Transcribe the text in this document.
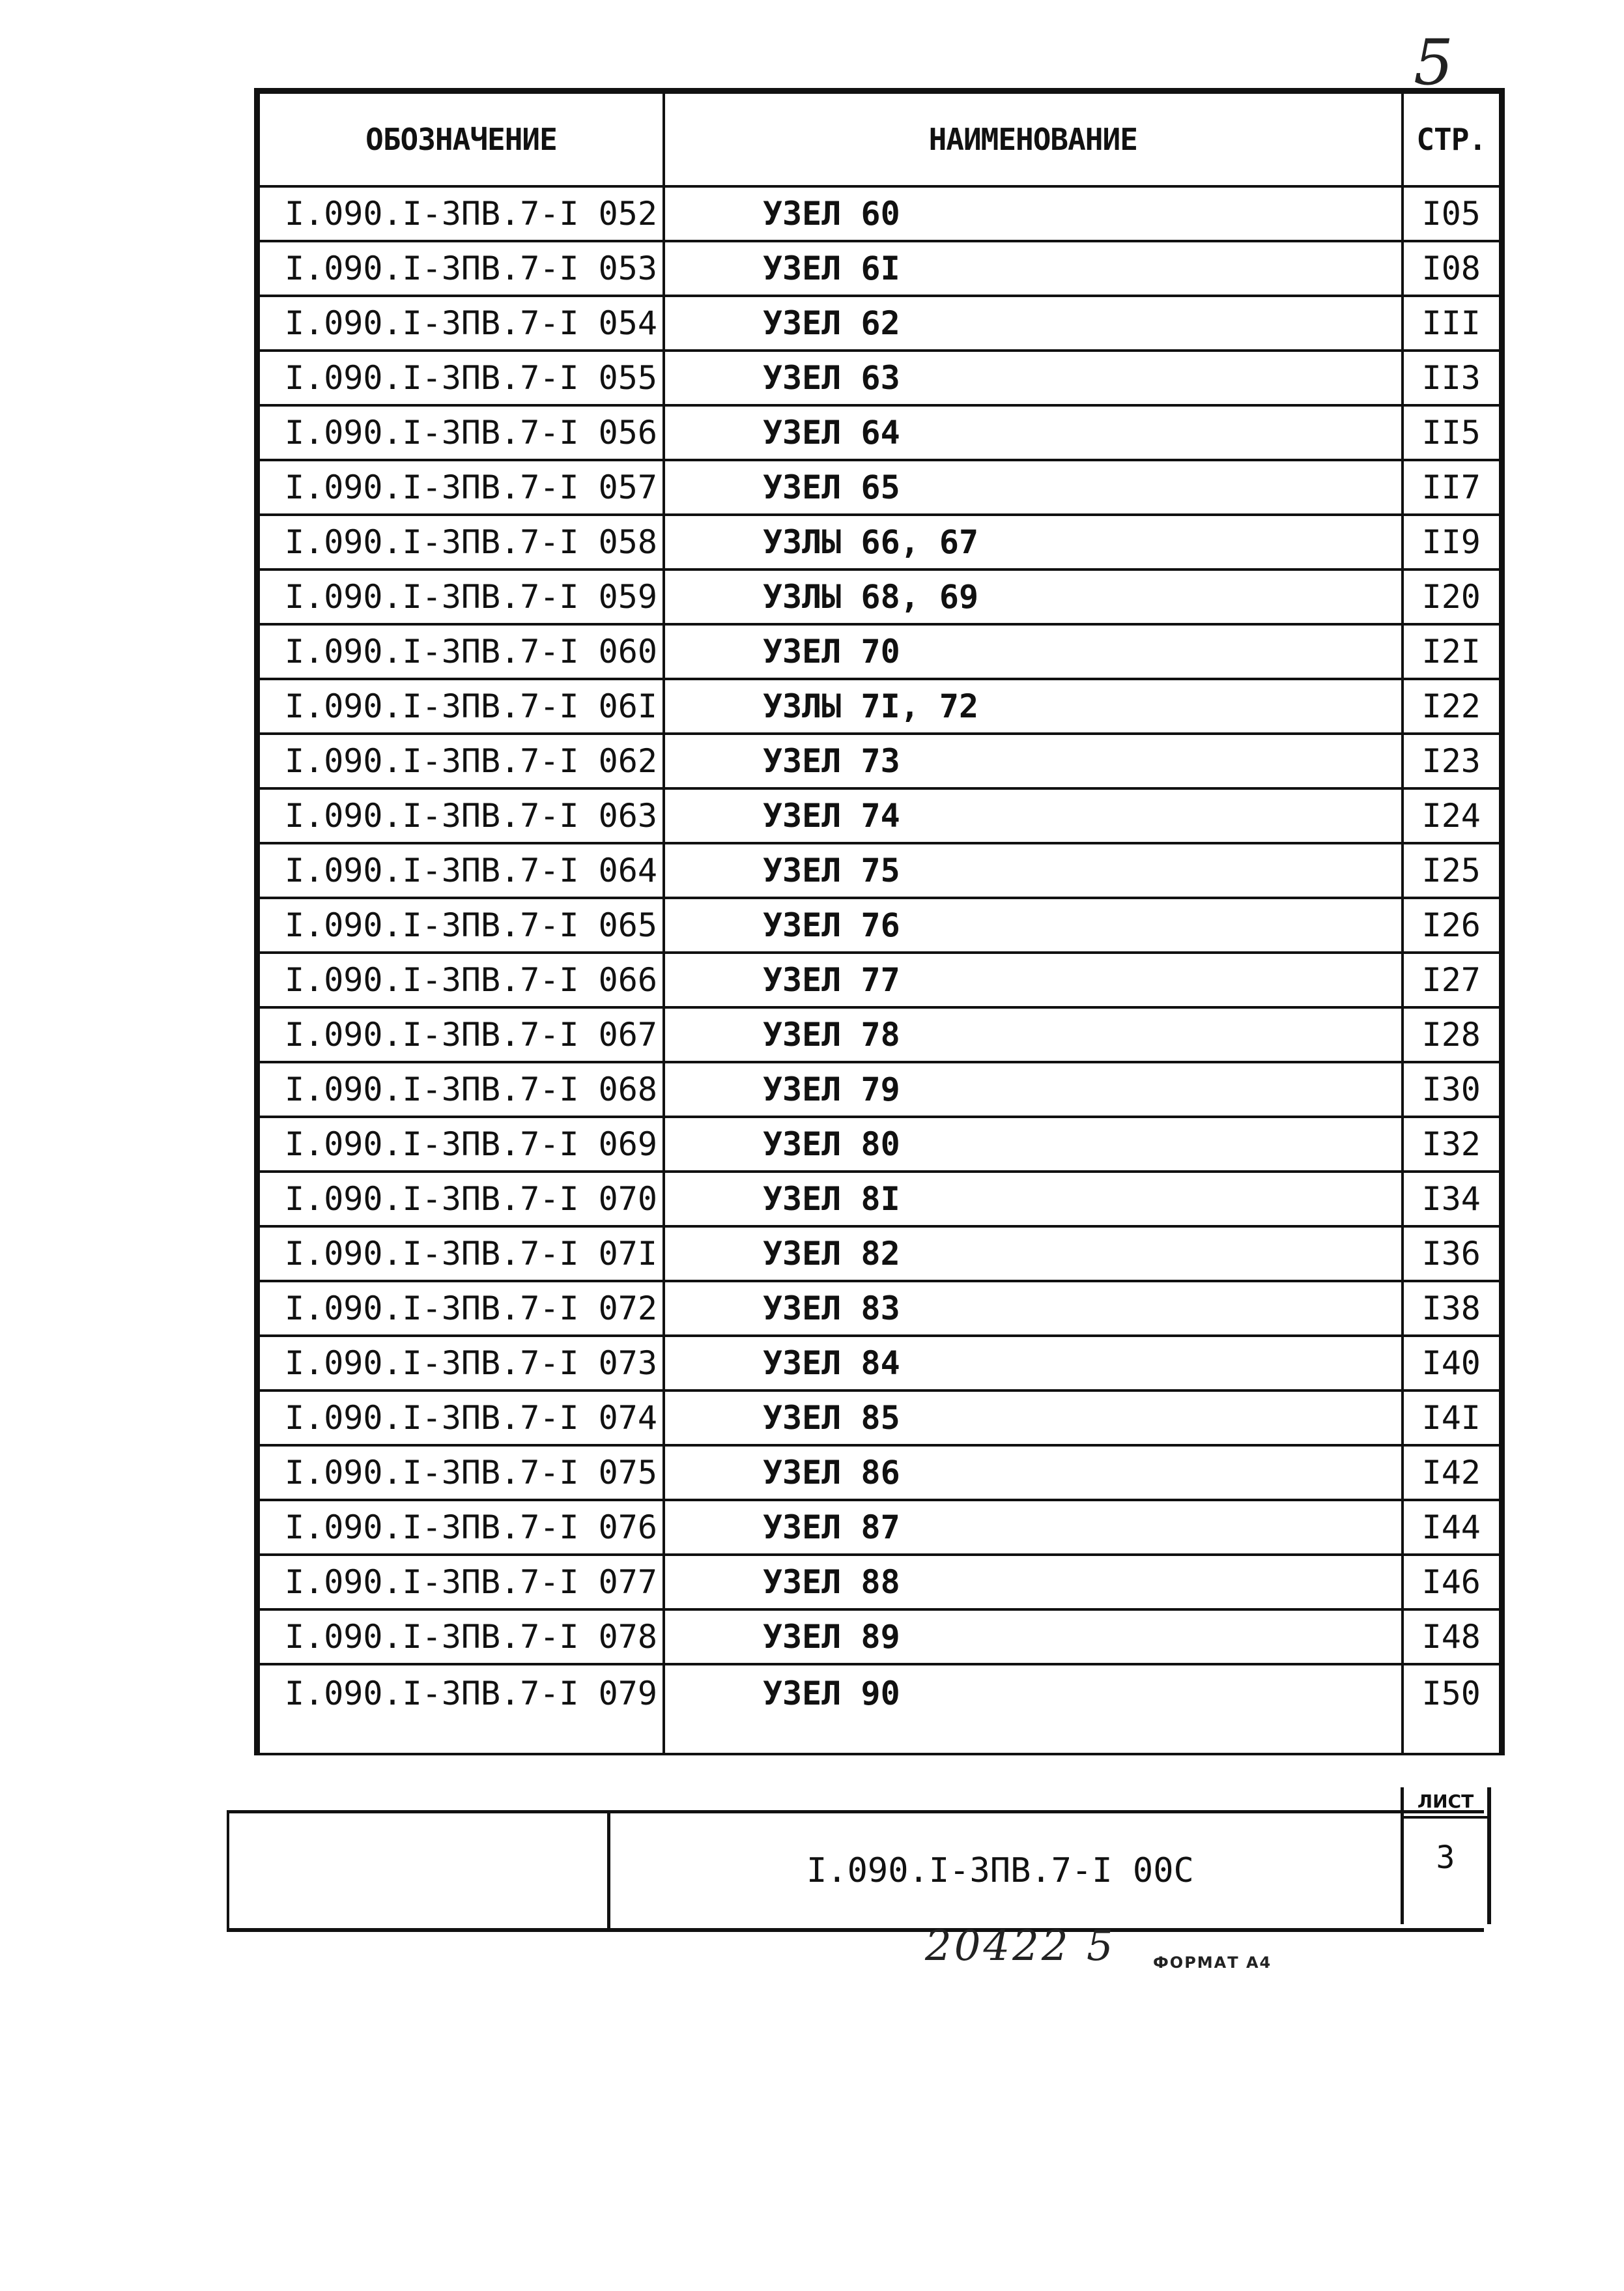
5
ОБОЗНАЧЕНИЕ	НАИМЕНОВАНИЕ	СТР.
I.090.I-3ПВ.7-I 052	УЗЕЛ 60	I05
I.090.I-3ПВ.7-I 053	УЗЕЛ 6I	I08
I.090.I-3ПВ.7-I 054	УЗЕЛ 62	III
I.090.I-3ПВ.7-I 055	УЗЕЛ 63	II3
I.090.I-3ПВ.7-I 056	УЗЕЛ 64	II5
I.090.I-3ПВ.7-I 057	УЗЕЛ 65	II7
I.090.I-3ПВ.7-I 058	УЗЛЫ 66, 67	II9
I.090.I-3ПВ.7-I 059	УЗЛЫ 68, 69	I20
I.090.I-3ПВ.7-I 060	УЗЕЛ 70	I2I
I.090.I-3ПВ.7-I 06I	УЗЛЫ 7I, 72	I22
I.090.I-3ПВ.7-I 062	УЗЕЛ 73	I23
I.090.I-3ПВ.7-I 063	УЗЕЛ 74	I24
I.090.I-3ПВ.7-I 064	УЗЕЛ 75	I25
I.090.I-3ПВ.7-I 065	УЗЕЛ 76	I26
I.090.I-3ПВ.7-I 066	УЗЕЛ 77	I27
I.090.I-3ПВ.7-I 067	УЗЕЛ 78	I28
I.090.I-3ПВ.7-I 068	УЗЕЛ 79	I30
I.090.I-3ПВ.7-I 069	УЗЕЛ 80	I32
I.090.I-3ПВ.7-I 070	УЗЕЛ 8I	I34
I.090.I-3ПВ.7-I 07I	УЗЕЛ 82	I36
I.090.I-3ПВ.7-I 072	УЗЕЛ 83	I38
I.090.I-3ПВ.7-I 073	УЗЕЛ 84	I40
I.090.I-3ПВ.7-I 074	УЗЕЛ 85	I4I
I.090.I-3ПВ.7-I 075	УЗЕЛ 86	I42
I.090.I-3ПВ.7-I 076	УЗЕЛ 87	I44
I.090.I-3ПВ.7-I 077	УЗЕЛ 88	I46
I.090.I-3ПВ.7-I 078	УЗЕЛ 89	I48
I.090.I-3ПВ.7-I 079	УЗЕЛ 90	I50
I.090.I-3ПВ.7-I 00С
ЛИСТ
3
20422 5 ФОРМАТ А4
